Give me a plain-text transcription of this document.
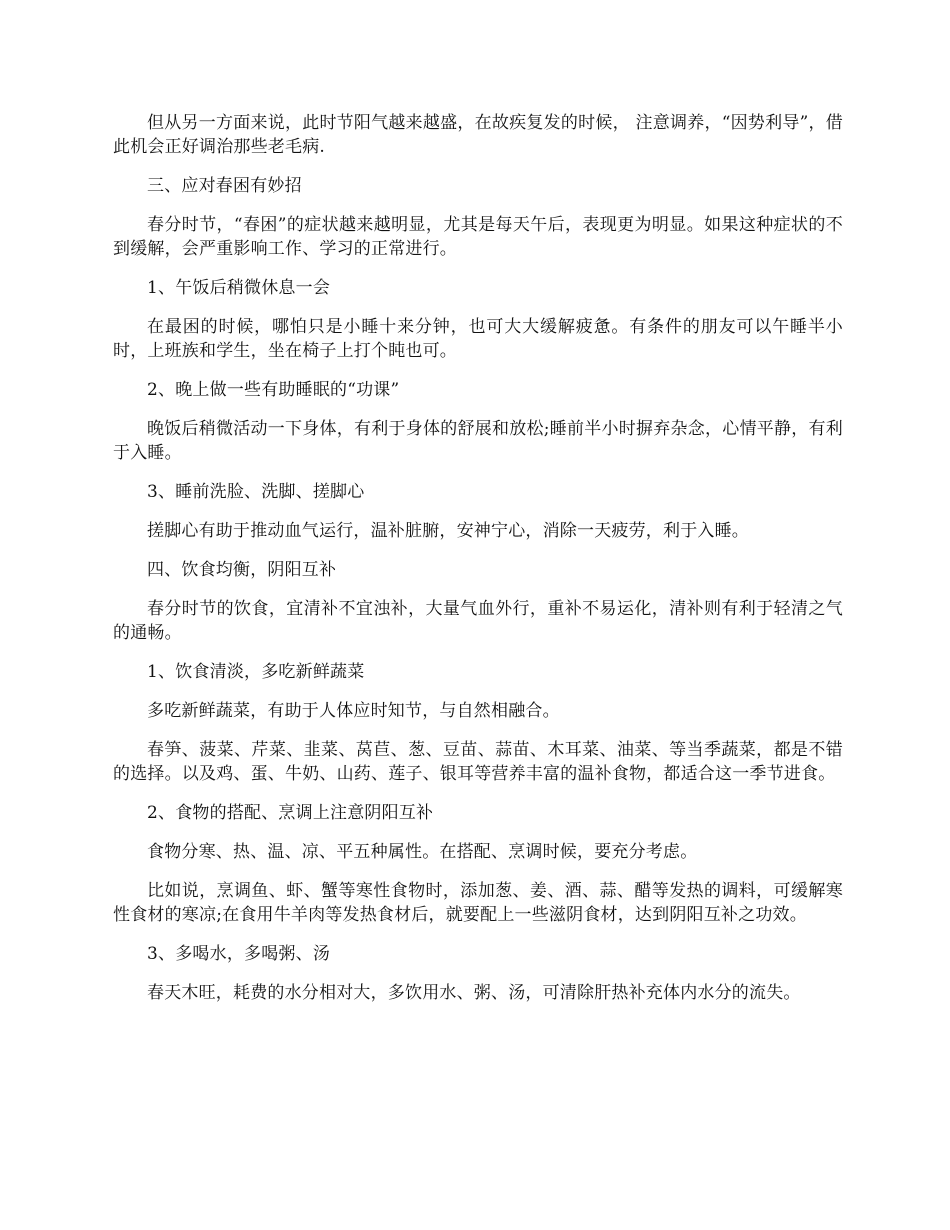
但从另一方面来说，此时节阳气越来越盛，在故疾复发的时候， 注意调养，“因势利导”，借此机会正好调治那些老毛病.

三、应对春困有妙招

春分时节，“春困”的症状越来越明显，尤其是每天午后，表现更为明显。如果这种症状的不到缓解，会严重影响工作、学习的正常进行。

1、午饭后稍微休息一会

在最困的时候，哪怕只是小睡十来分钟，也可大大缓解疲惫。有条件的朋友可以午睡半小时，上班族和学生，坐在椅子上打个盹也可。

2、晚上做一些有助睡眠的“功课”

晚饭后稍微活动一下身体，有利于身体的舒展和放松;睡前半小时摒弃杂念，心情平静，有利于入睡。

3、睡前洗脸、洗脚、搓脚心

搓脚心有助于推动血气运行，温补脏腑，安神宁心，消除一天疲劳，利于入睡。

四、饮食均衡，阴阳互补

春分时节的饮食，宜清补不宜浊补，大量气血外行，重补不易运化，清补则有利于轻清之气的通畅。

1、饮食清淡，多吃新鲜蔬菜

多吃新鲜蔬菜，有助于人体应时知节，与自然相融合。

春笋、菠菜、芹菜、韭菜、莴苣、葱、豆苗、蒜苗、木耳菜、油菜、等当季蔬菜，都是不错的选择。以及鸡、蛋、牛奶、山药、莲子、银耳等营养丰富的温补食物，都适合这一季节进食。

2、食物的搭配、烹调上注意阴阳互补

食物分寒、热、温、凉、平五种属性。在搭配、烹调时候，要充分考虑。

比如说，烹调鱼、虾、蟹等寒性食物时，添加葱、姜、酒、蒜、醋等发热的调料，可缓解寒性食材的寒凉;在食用牛羊肉等发热食材后，就要配上一些滋阴食材，达到阴阳互补之功效。

3、多喝水，多喝粥、汤

春天木旺，耗费的水分相对大，多饮用水、粥、汤，可清除肝热补充体内水分的流失。
